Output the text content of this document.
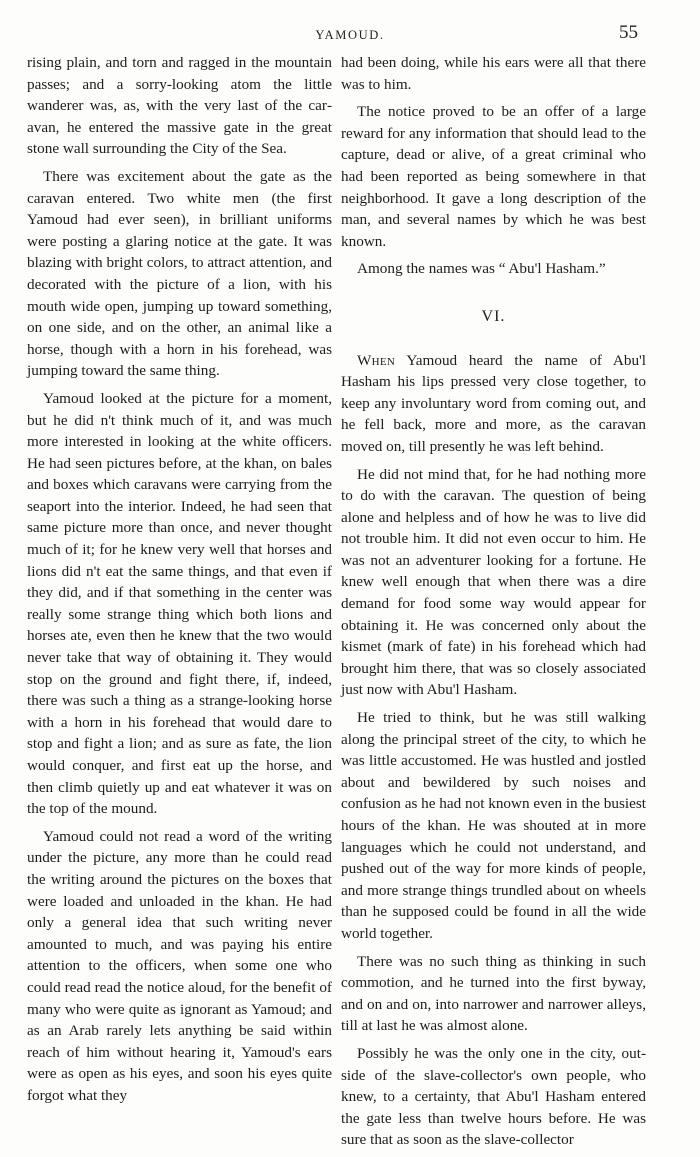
YAMOUD.	55

rising plain, and torn and ragged in the mountain passes; and a sorry-looking atom the little wanderer was, as, with the very last of the caravan, he entered the massive gate in the great stone wall surrounding the City of the Sea.

There was excitement about the gate as the caravan entered. Two white men (the first Yamoud had ever seen), in brilliant uniforms were posting a glaring notice at the gate. It was blazing with bright colors, to attract attention, and decorated with the picture of a lion, with his mouth wide open, jumping up toward something, on one side, and on the other, an animal like a horse, though with a horn in his forehead, was jumping toward the same thing.

Yamoud looked at the picture for a moment, but he did n't think much of it, and was much more interested in looking at the white officers. He had seen pictures before, at the khan, on bales and boxes which caravans were carrying from the seaport into the interior. Indeed, he had seen that same picture more than once, and never thought much of it; for he knew very well that horses and lions did n't eat the same things, and that even if they did, and if that something in the center was really some strange thing which both lions and horses ate, even then he knew that the two would never take that way of obtaining it. They would stop on the ground and fight there, if, indeed, there was such a thing as a strange-looking horse with a horn in his forehead that would dare to stop and fight a lion; and as sure as fate, the lion would conquer, and first eat up the horse, and then climb quietly up and eat whatever it was on the top of the mound.

Yamoud could not read a word of the writing under the picture, any more than he could read the writing around the pictures on the boxes that were loaded and unloaded in the khan. He had only a general idea that such writing never amounted to much, and was paying his entire attention to the officers, when some one who could read read the notice aloud, for the benefit of many who were quite as ignorant as Yamoud; and as an Arab rarely lets anything be said within reach of him without hearing it, Yamoud's ears were as open as his eyes, and soon his eyes quite forgot what they

had been doing, while his ears were all that there was to him.

The notice proved to be an offer of a large reward for any information that should lead to the capture, dead or alive, of a great criminal who had been reported as being somewhere in that neighborhood. It gave a long description of the man, and several names by which he was best known.

Among the names was “ Abu'l Hasham.”

VI.

When Yamoud heard the name of Abu'l Hasham his lips pressed very close together, to keep any involuntary word from coming out, and he fell back, more and more, as the caravan moved on, till presently he was left behind.

He did not mind that, for he had nothing more to do with the caravan. The question of being alone and helpless and of how he was to live did not trouble him. It did not even occur to him. He was not an adventurer looking for a fortune. He knew well enough that when there was a dire demand for food some way would appear for obtaining it. He was concerned only about the kismet (mark of fate) in his forehead which had brought him there, that was so closely associated just now with Abu'l Hasham.

He tried to think, but he was still walking along the principal street of the city, to which he was little accustomed. He was hustled and jostled about and bewildered by such noises and confusion as he had not known even in the busiest hours of the khan. He was shouted at in more languages which he could not understand, and pushed out of the way for more kinds of people, and more strange things trundled about on wheels than he supposed could be found in all the wide world together.

There was no such thing as thinking in such commotion, and he turned into the first byway, and on and on, into narrower and narrower alleys, till at last he was almost alone.

Possibly he was the only one in the city, outside of the slave-collector's own people, who knew, to a certainty, that Abu'l Hasham entered the gate less than twelve hours before. He was sure that as soon as the slave-collector
